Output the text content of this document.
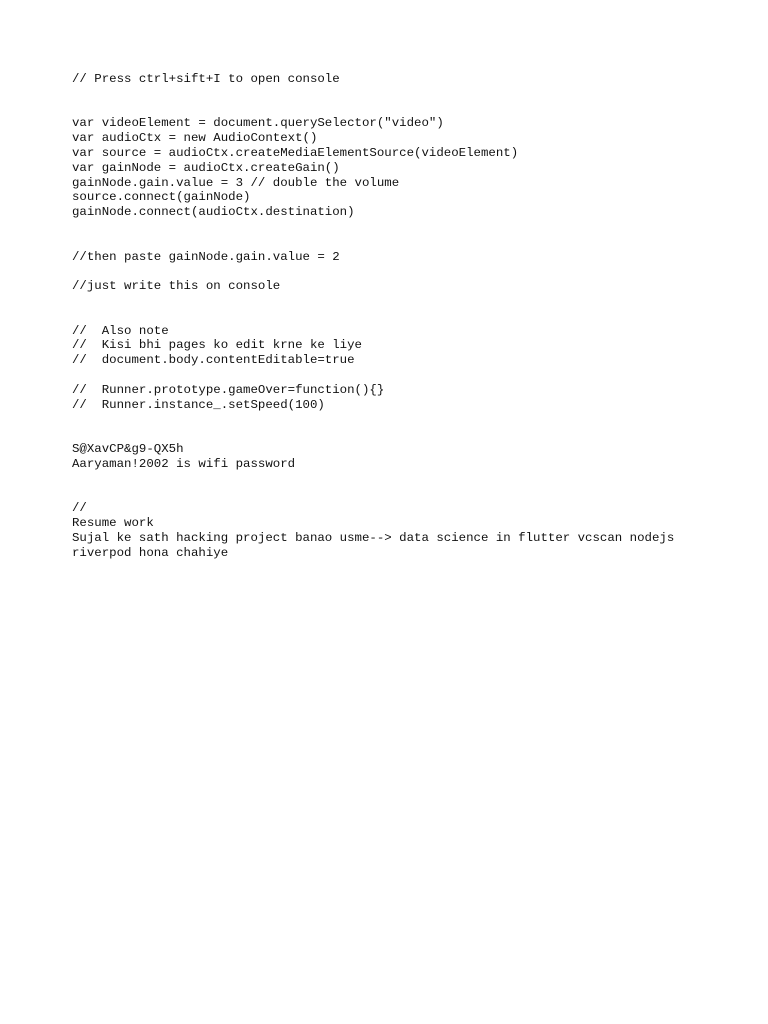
// Press ctrl+sift+I to open console
var videoElement = document.querySelector("video")
var audioCtx = new AudioContext()
var source = audioCtx.createMediaElementSource(videoElement)
var gainNode = audioCtx.createGain()
gainNode.gain.value = 3 // double the volume
source.connect(gainNode)
gainNode.connect(audioCtx.destination)
//then paste gainNode.gain.value = 2
//just write this on console
//  Also note
//  Kisi bhi pages ko edit krne ke liye
//  document.body.contentEditable=true
//  Runner.prototype.gameOver=function(){}
//  Runner.instance_.setSpeed(100)
S@XavCP&g9-QX5h
Aaryaman!2002 is wifi password
//
Resume work
Sujal ke sath hacking project banao usme--> data science in flutter vcscan nodejs
riverpod hona chahiye
